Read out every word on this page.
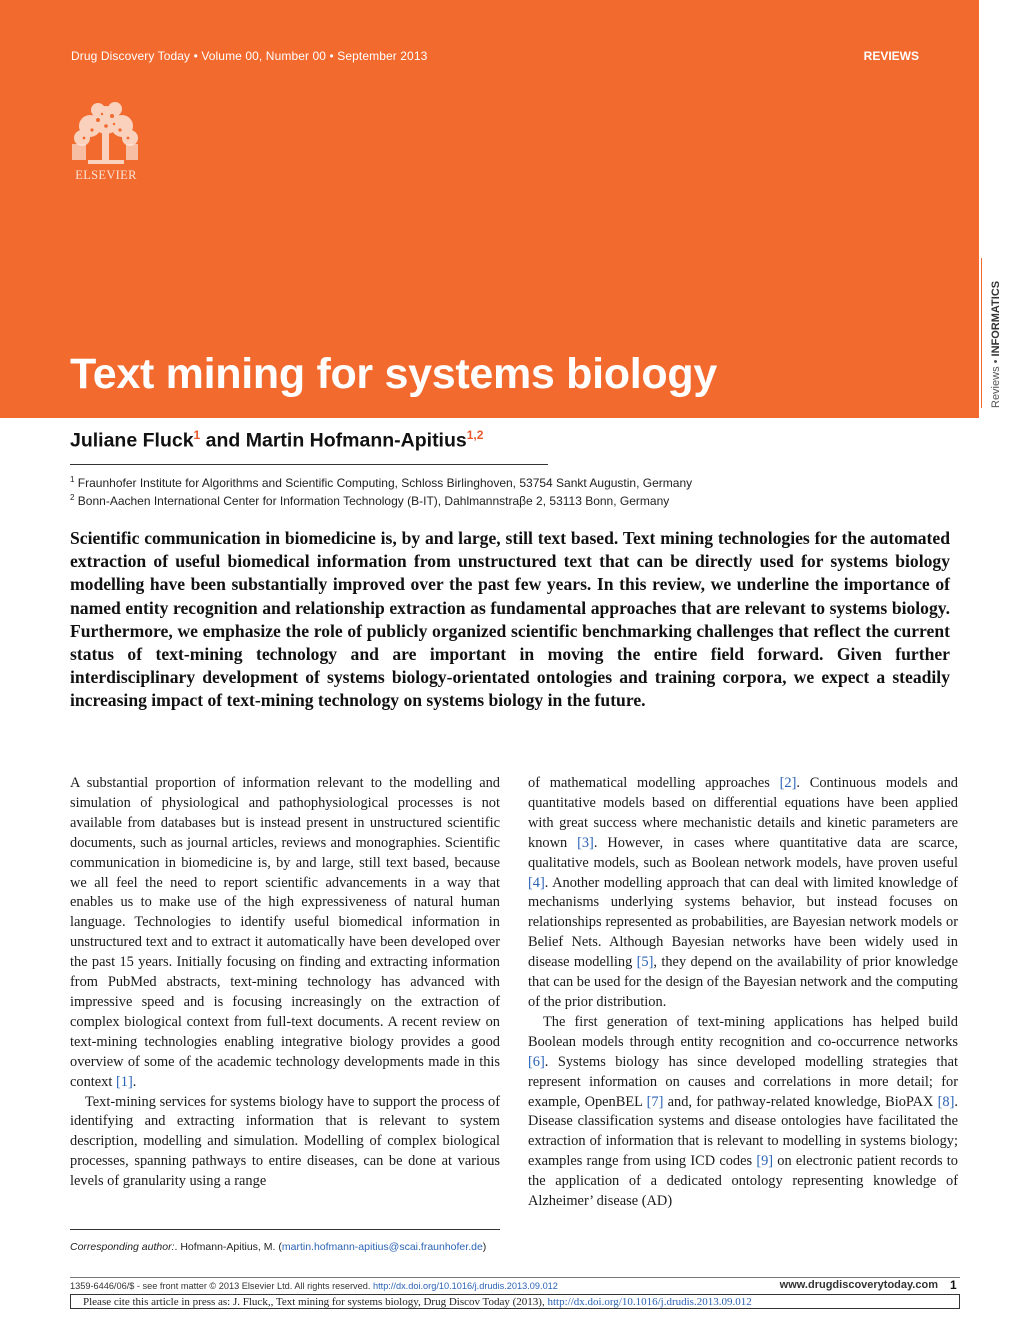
Drug Discovery Today • Volume 00, Number 00 • September 2013	REVIEWS
ELSEVIER
Text mining for systems biology	Reviews • INFORMATICS
Juliane Fluck$^1$ and Martin Hofmann-Apitius$^{1,2}$
$^1$ Fraunhofer Institute for Algorithms and Scientific Computing, Schloss Birlinghoven, 53754 Sankt Augustin, Germany
$^2$ Bonn-Aachen International Center for Information Technology (B-IT), Dahlmannstraβe 2, 53113 Bonn, Germany

Scientific communication in biomedicine is, by and large, still text based. Text mining technologies for the automated extraction of useful biomedical information from unstructured text that can be directly used for systems biology modelling have been substantially improved over the past few years. In this review, we underline the importance of named entity recognition and relationship extraction as fundamental approaches that are relevant to systems biology. Furthermore, we emphasize the role of publicly organized scientific benchmarking challenges that reflect the current status of text-mining technology and are important in moving the entire field forward. Given further interdisciplinary development of systems biology-orientated ontologies and training corpora, we expect a steadily increasing impact of text-mining technology on systems biology in the future.

A substantial proportion of information relevant to the modelling and simulation of physiological and pathophysiological processes is not available from databases but is instead present in unstructured scientific documents, such as journal articles, reviews and monographies. Scientific communication in biomedicine is, by and large, still text based, because we all feel the need to report scientific advancements in a way that enables us to make use of the high expressiveness of natural human language. Technologies to identify useful biomedical information in unstructured text and to extract it automatically have been developed over the past 15 years. Initially focusing on finding and extracting information from PubMed abstracts, text-mining technology has advanced with impressive speed and is focusing increasingly on the extraction of complex biological context from full-text documents. A recent review on text-mining technologies enabling integrative biology provides a good overview of some of the academic technology developments made in this context [1].

Text-mining services for systems biology have to support the process of identifying and extracting information that is relevant to system description, modelling and simulation. Modelling of complex biological processes, spanning pathways to entire diseases, can be done at various levels of granularity using a range

of mathematical modelling approaches [2]. Continuous models and quantitative models based on differential equations have been applied with great success where mechanistic details and kinetic parameters are known [3]. However, in cases where quantitative data are scarce, qualitative models, such as Boolean network models, have proven useful [4]. Another modelling approach that can deal with limited knowledge of mechanisms underlying systems behavior, but instead focuses on relationships represented as probabilities, are Bayesian network models or Belief Nets. Although Bayesian networks have been widely used in disease modelling [5], they depend on the availability of prior knowledge that can be used for the design of the Bayesian network and the computing of the prior distribution.

The first generation of text-mining applications has helped build Boolean models through entity recognition and co-occurrence networks [6]. Systems biology has since developed modelling strategies that represent information on causes and correlations in more detail; for example, OpenBEL [7] and, for pathway-related knowledge, BioPAX [8]. Disease classification systems and disease ontologies have facilitated the extraction of information that is relevant to modelling in systems biology; examples range from using ICD codes [9] on electronic patient records to the application of a dedicated ontology representing knowledge of Alzheimer’ disease (AD)

Corresponding author:. Hofmann-Apitius, M. (martin.hofmann-apitius@scai.fraunhofer.de)
1359-6446/06/$ - see front matter © 2013 Elsevier Ltd. All rights reserved. http://dx.doi.org/10.1016/j.drudis.2013.09.012	www.drugdiscoverytoday.com 1
Please cite this article in press as: J. Fluck,, Text mining for systems biology, Drug Discov Today (2013), http://dx.doi.org/10.1016/j.drudis.2013.09.012
